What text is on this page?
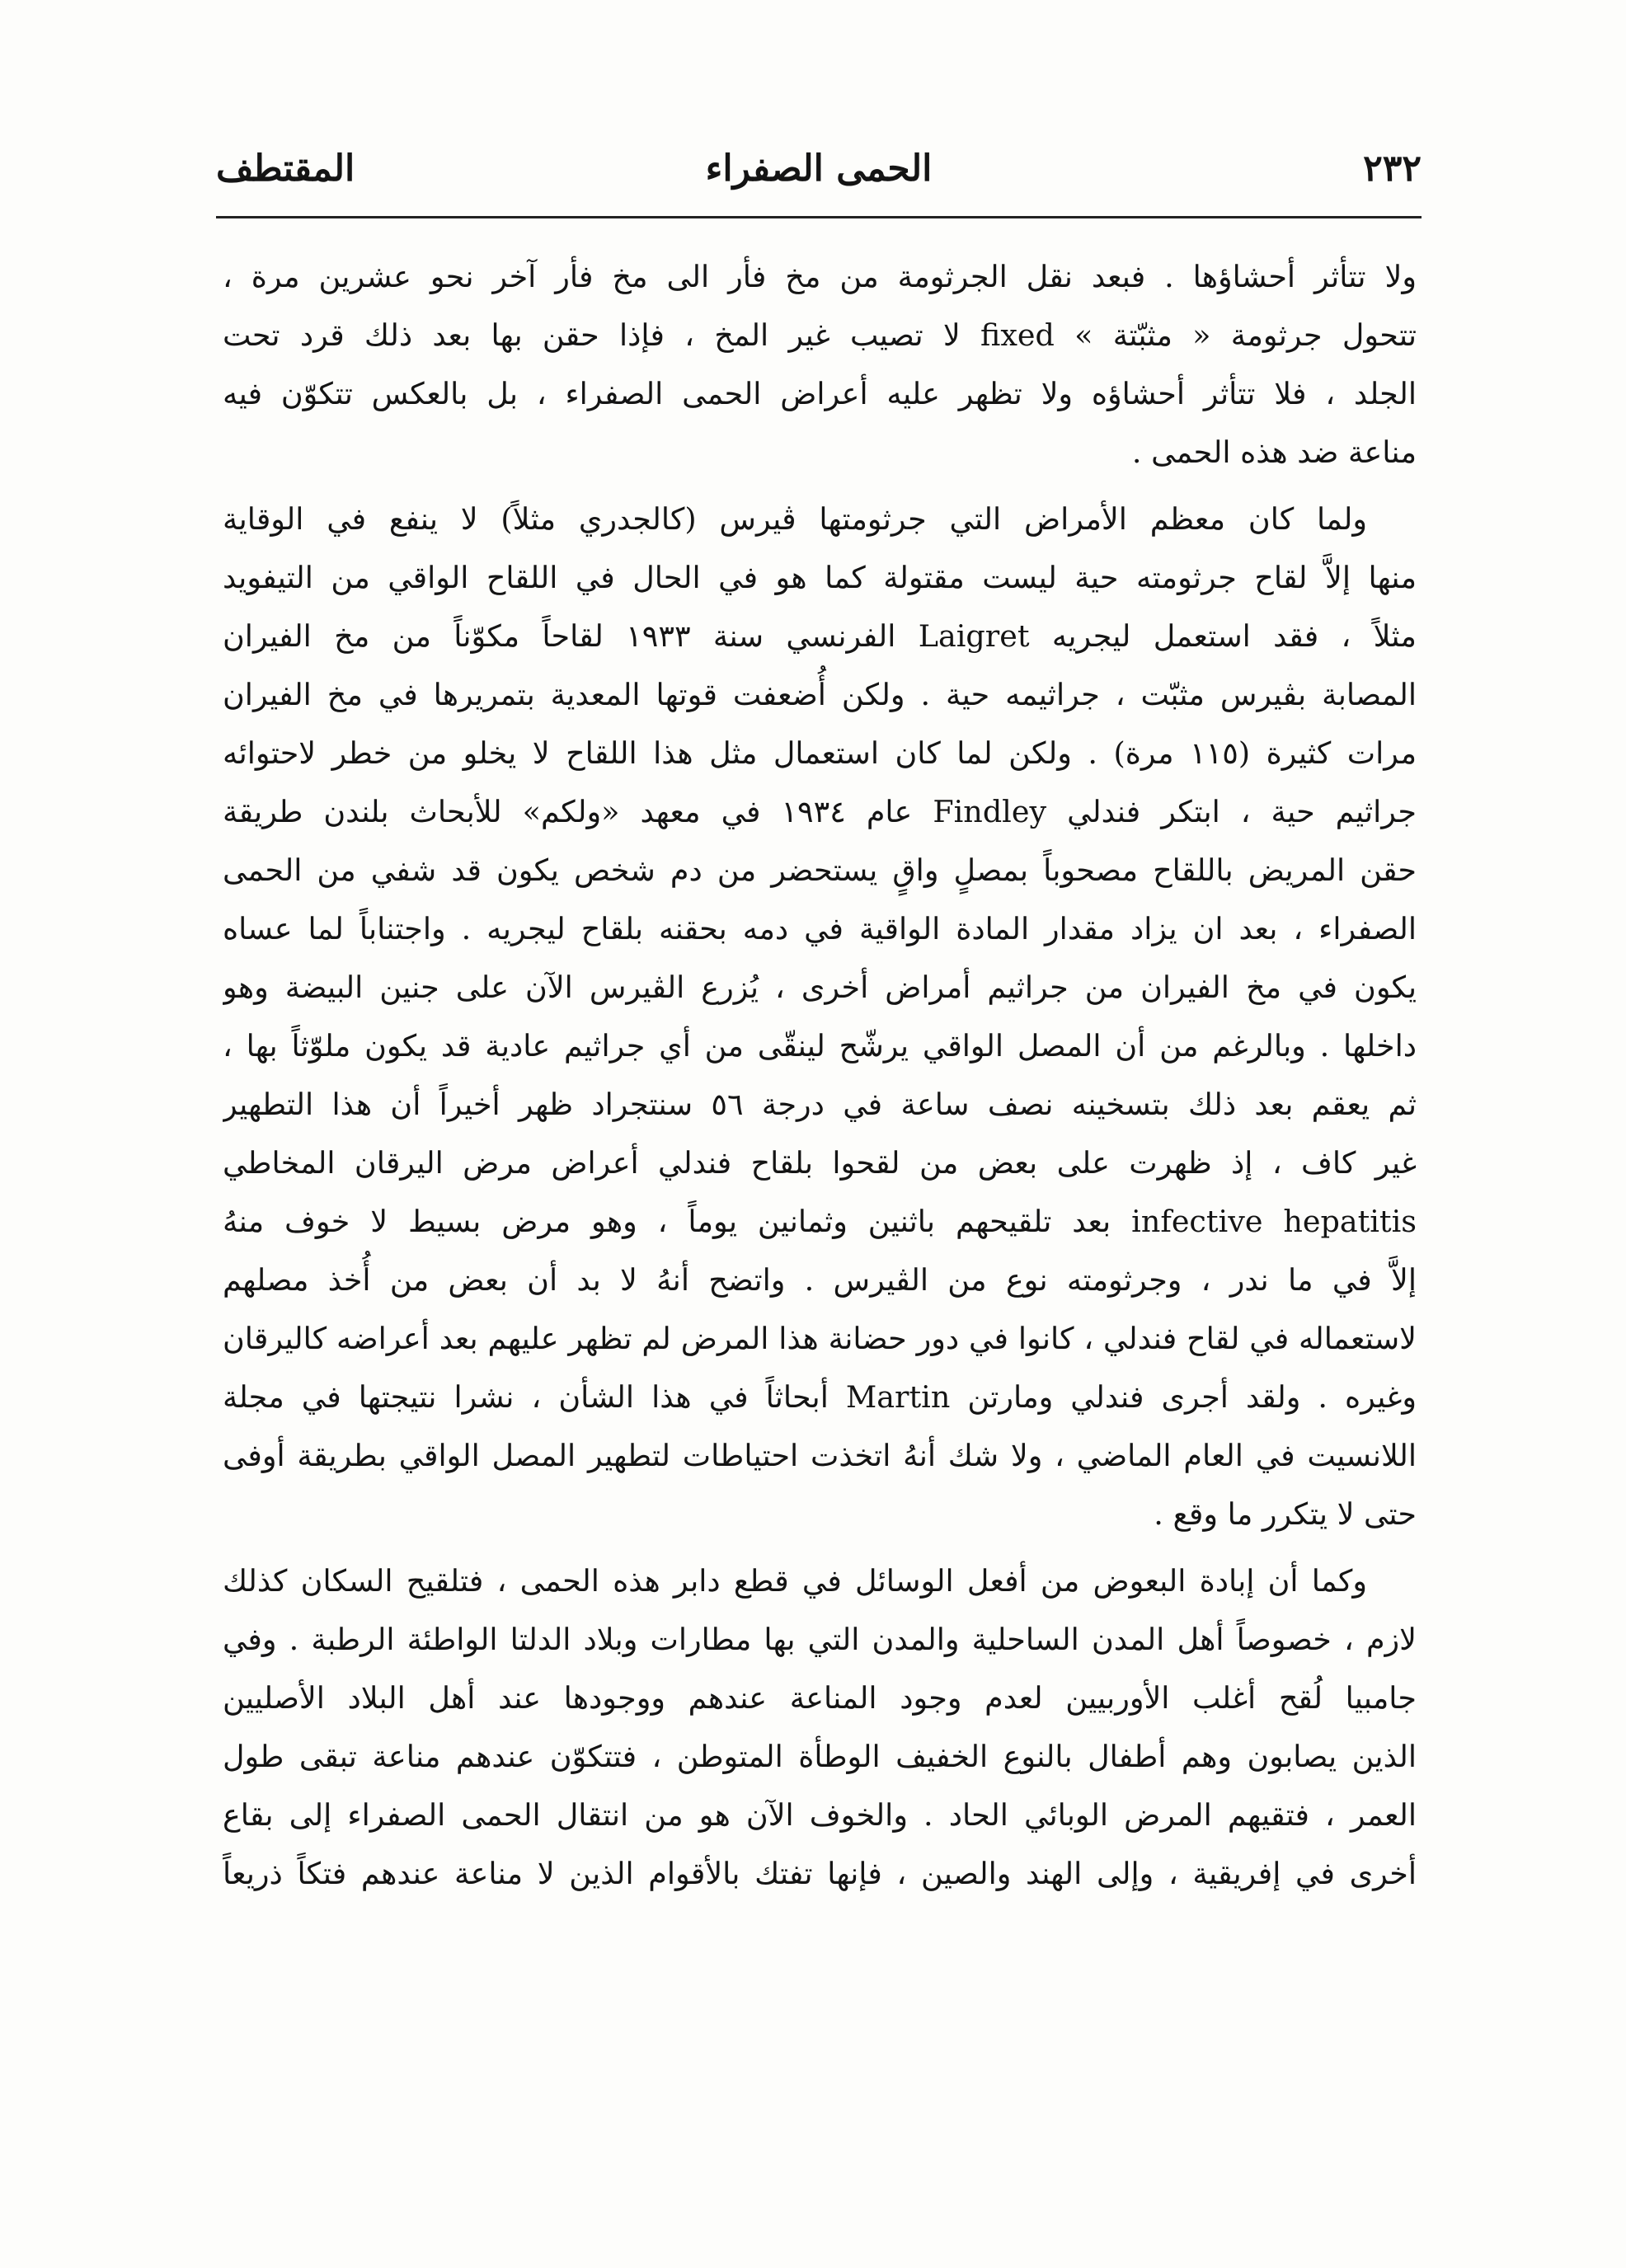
٢٣٢
الحمى الصفراء
المقتطف
ولا تتأثر أحشاؤها . فبعد نقل الجرثومة من مخ فأر الى مخ فأر آخر نحو عشرين مرة ،
تتحول جرثومة « مثبّتة » fixed لا تصيب غير المخ ، فإذا حقن بها بعد ذلك قرد تحت
الجلد ، فلا تتأثر أحشاؤه ولا تظهر عليه أعراض الحمى الصفراء ، بل بالعكس تتكوّن فيه
مناعة ضد هذه الحمى .
ولما كان معظم الأمراض التي جرثومتها ڤيرس (كالجدري مثلاً) لا ينفع في الوقاية
منها إلاَّ لقاح جرثومته حية ليست مقتولة كما هو في الحال في اللقاح الواقي من التيفويد
مثلاً ، فقد استعمل ليجريه Laigret الفرنسي سنة ١٩٣٣ لقاحاً مكوّناً من مخ الفيران
المصابة بڤيرس مثبّت ، جراثيمه حية . ولكن أُضعفت قوتها المعدية بتمريرها في مخ الفيران
مرات كثيرة (١١٥ مرة) . ولكن لما كان استعمال مثل هذا اللقاح لا يخلو من خطر لاحتوائه
جراثيم حية ، ابتكر فندلي Findley عام ١٩٣٤ في معهد «ولكم» للأبحاث بلندن طريقة
حقن المريض باللقاح مصحوباً بمصلٍ واقٍ يستحضر من دم شخص يكون قد شفي من الحمى
الصفراء ، بعد ان يزاد مقدار المادة الواقية في دمه بحقنه بلقاح ليجريه . واجتناباً لما عساه
يكون في مخ الفيران من جراثيم أمراض أخرى ، يُزرع الڤيرس الآن على جنين البيضة وهو
داخلها . وبالرغم من أن المصل الواقي يرشّح لينقّى من أي جراثيم عادية قد يكون ملوّثاً بها ،
ثم يعقم بعد ذلك بتسخينه نصف ساعة في درجة ٥٦ سنتجراد ظهر أخيراً أن هذا التطهير
غير كاف ، إذ ظهرت على بعض من لقحوا بلقاح فندلي أعراض مرض اليرقان المخاطي
infective hepatitis بعد تلقيحهم باثنين وثمانين يوماً ، وهو مرض بسيط لا خوف منهُ
إلاَّ في ما ندر ، وجرثومته نوع من الڤيرس . واتضح أنهُ لا بد أن بعض من أُخذ مصلهم
لاستعماله في لقاح فندلي ، كانوا في دور حضانة هذا المرض لم تظهر عليهم بعد أعراضه كاليرقان
وغيره . ولقد أجرى فندلي ومارتن Martin أبحاثاً في هذا الشأن ، نشرا نتيجتها في مجلة
اللانسيت في العام الماضي ، ولا شك أنهُ اتخذت احتياطات لتطهير المصل الواقي بطريقة أوفى
حتى لا يتكرر ما وقع .
وكما أن إبادة البعوض من أفعل الوسائل في قطع دابر هذه الحمى ، فتلقيح السكان كذلك
لازم ، خصوصاً أهل المدن الساحلية والمدن التي بها مطارات وبلاد الدلتا الواطئة الرطبة . وفي
جامبيا لُقح أغلب الأوربيين لعدم وجود المناعة عندهم ووجودها عند أهل البلاد الأصليين
الذين يصابون وهم أطفال بالنوع الخفيف الوطأة المتوطن ، فتتكوّن عندهم مناعة تبقى طول
العمر ، فتقيهم المرض الوبائي الحاد . والخوف الآن هو من انتقال الحمى الصفراء إلى بقاع
أخرى في إفريقية ، وإلى الهند والصين ، فإنها تفتك بالأقوام الذين لا مناعة عندهم فتكاً ذريعاً
